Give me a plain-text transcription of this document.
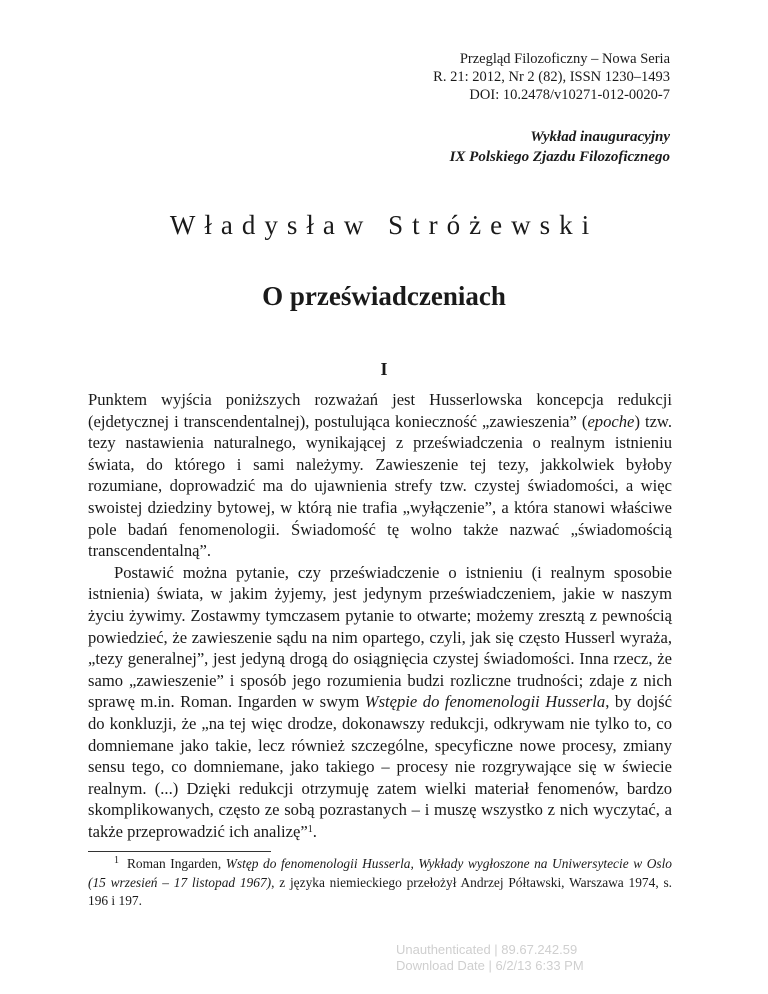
Przegląd Filozoficzny – Nowa Seria
R. 21: 2012, Nr 2 (82), ISSN 1230–1493
DOI: 10.2478/v10271-012-0020-7
Wykład inauguracyjny
IX Polskiego Zjazdu Filozoficznego
Władysław Stróżewski
O przeświadczeniach
I

Punktem wyjścia poniższych rozważań jest Husserlowska koncepcja redukcji (ejdetycznej i transcendentalnej), postulująca konieczność „zawieszenia” (epoche) tzw. tezy nastawienia naturalnego, wynikającej z przeświadczenia o realnym istnieniu świata, do którego i sami należymy. Zawieszenie tej tezy, jakkolwiek byłoby rozumiane, doprowadzić ma do ujawnienia strefy tzw. czystej świadomości, a więc swoistej dziedziny bytowej, w którą nie trafia „wyłączenie”, a która stanowi właściwe pole badań fenomenologii. Świadomość tę wolno także nazwać „świadomością transcendentalną”.

Postawić można pytanie, czy przeświadczenie o istnieniu (i realnym sposobie istnienia) świata, w jakim żyjemy, jest jedynym przeświadczeniem, jakie w naszym życiu żywimy. Zostawmy tymczasem pytanie to otwarte; możemy zresztą z pewnością powiedzieć, że zawieszenie sądu na nim opartego, czyli, jak się często Husserl wyraża, „tezy generalnej”, jest jedyną drogą do osiągnięcia czystej świadomości. Inna rzecz, że samo „zawieszenie” i sposób jego rozumienia budzi rozliczne trudności; zdaje z nich sprawę m.in. Roman. Ingarden w swym Wstępie do fenomenologii Husserla, by dojść do konkluzji, że „na tej więc drodze, dokonawszy redukcji, odkrywam nie tylko to, co domniemane jako takie, lecz również szczególne, specyficzne nowe procesy, zmiany sensu tego, co domniemane, jako takiego – procesy nie rozgrywające się w świecie realnym. (...) Dzięki redukcji otrzymuję zatem wielki materiał fenomenów, bardzo skomplikowanych, często ze sobą pozrastanych – i muszę wszystko z nich wyczytać, a także przeprowadzić ich analizę”$^1$.

$^1$ Roman Ingarden, Wstęp do fenomenologii Husserla, Wykłady wygłoszone na Uniwersytecie w Oslo (15 wrzesień – 17 listopad 1967), z języka niemieckiego przełożył Andrzej Półtawski, Warszawa 1974, s. 196 i 197.
Unauthenticated | 89.67.242.59
Download Date | 6/2/13 6:33 PM
